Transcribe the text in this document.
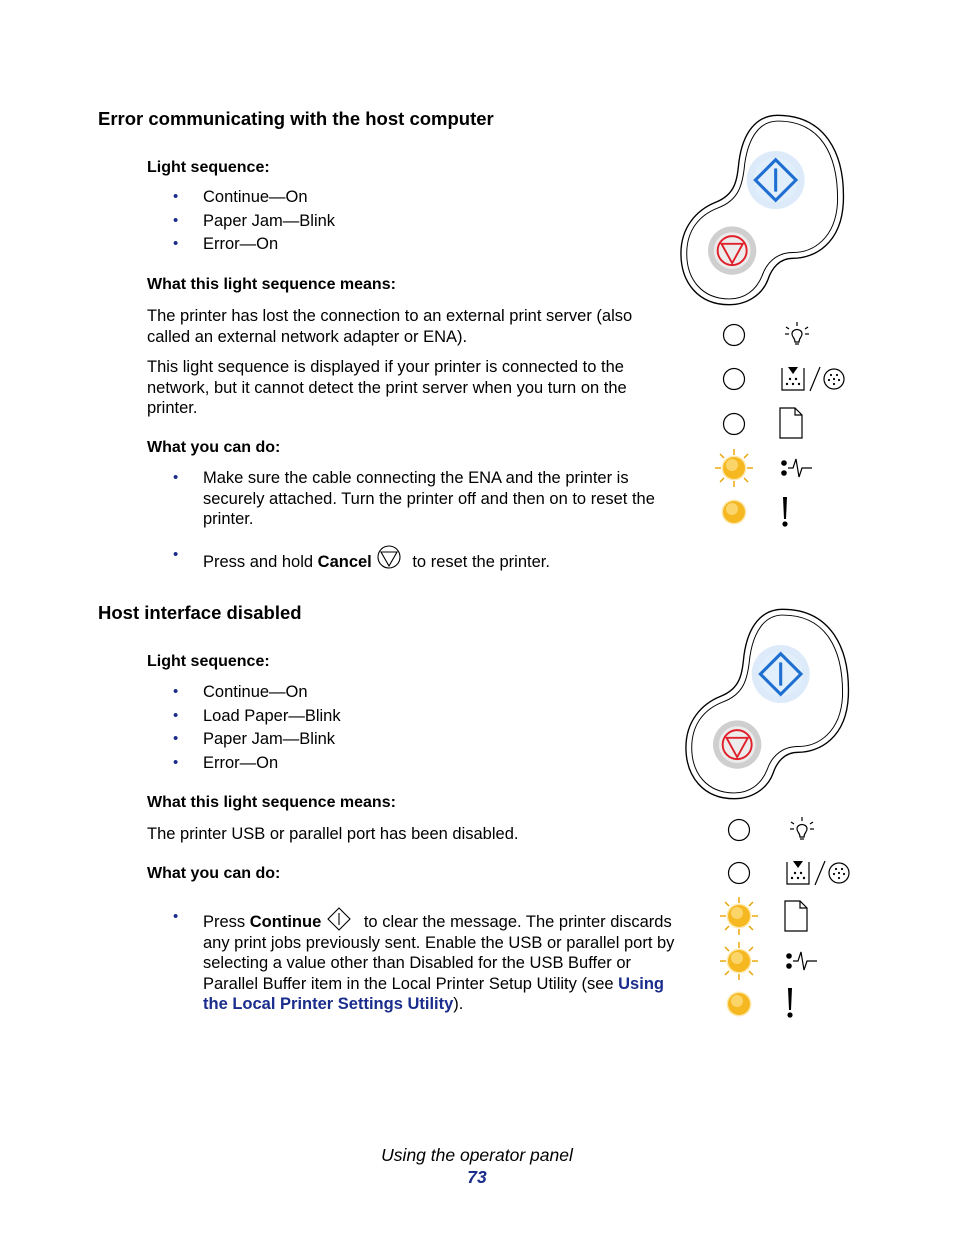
Error communicating with the host computer
Light sequence:
• Continue—On
• Paper Jam—Blink
• Error—On
What this light sequence means:

The printer has lost the connection to an external print server (also called an external network adapter or ENA).

This light sequence is displayed if your printer is connected to the network, but it cannot detect the print server when you turn on the printer.

What you can do:
• Make sure the cable connecting the ENA and the printer is securely attached. Turn the printer off and then on to reset the printer.
• Press and hold Cancel to reset the printer.
Host interface disabled
Light sequence:
• Continue—On
• Load Paper—Blink
• Paper Jam—Blink
• Error—On
What this light sequence means:

The printer USB or parallel port has been disabled.

What you can do:
• Press Continue to clear the message. The printer discards any print jobs previously sent. Enable the USB or parallel port by selecting a value other than Disabled for the USB Buffer or Parallel Buffer item in the Local Printer Setup Utility (see Using the Local Printer Settings Utility).
Using the operator panel
73
